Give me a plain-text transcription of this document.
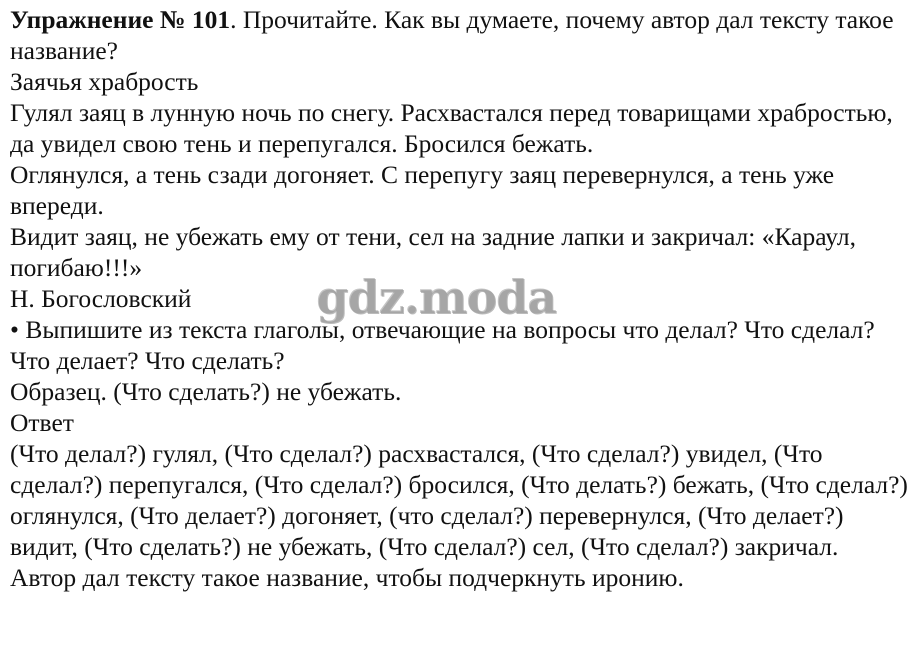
Упражнение № 101. Прочитайте. Как вы думаете, почему автор дал тексту такое название?

Заячья храбрость

Гулял заяц в лунную ночь по снегу. Расхвастался перед товарищами храбростью, да увидел свою тень и перепугался. Бросился бежать.

Оглянулся, а тень сзади догоняет. С перепугу заяц перевернулся, а тень уже впереди.

Видит заяц, не убежать ему от тени, сел на задние лапки и закричал: «Караул, погибаю!!!»

Н. Богословский

• Выпишите из текста глаголы, отвечающие на вопросы что делал? Что сделал? Что делает? Что сделать?

Образец. (Что сделать?) не убежать.

Ответ

(Что делал?) гулял, (Что сделал?) расхвастался, (Что сделал?) увидел, (Что сделал?) перепугался, (Что сделал?) бросился, (Что делать?) бежать, (Что сделал?) оглянулся, (Что делает?) догоняет, (что сделал?) перевернулся, (Что делает?) видит, (Что сделать?) не убежать, (Что сделал?) сел, (Что сделал?) закричал.

Автор дал тексту такое название, чтобы подчеркнуть иронию.

gdz.moda
